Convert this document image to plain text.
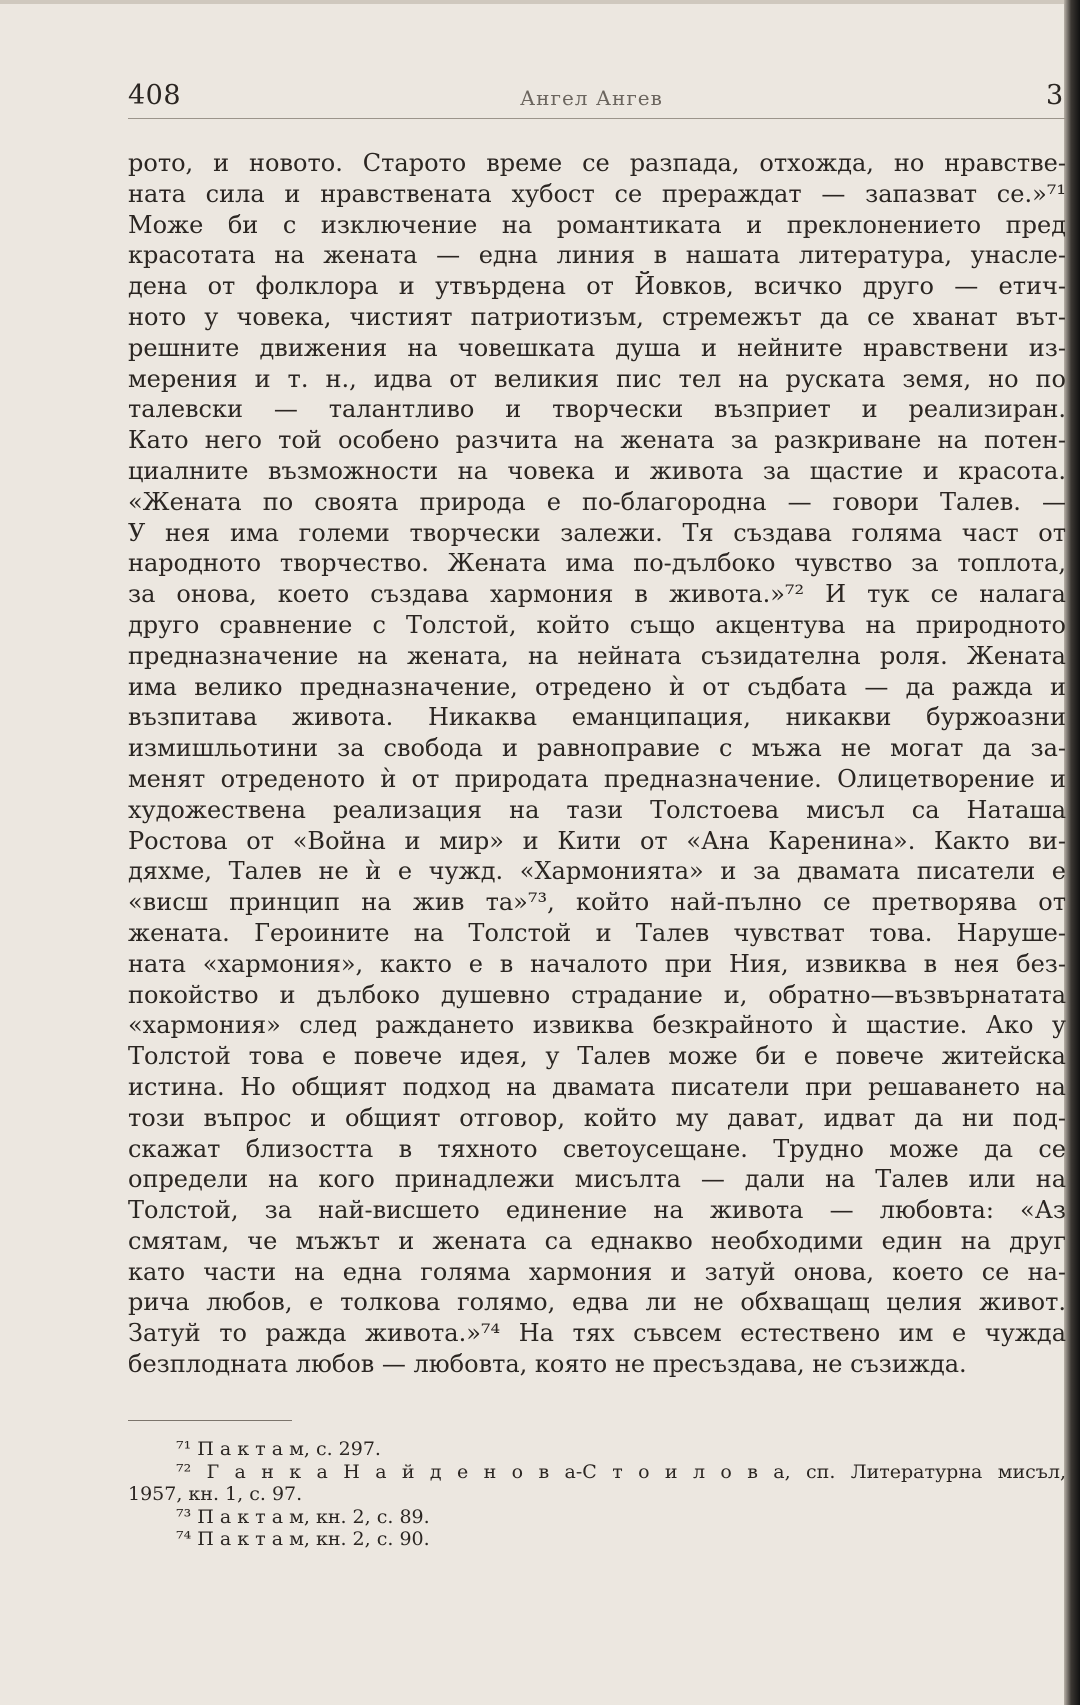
408	Ангел Ангев	3
рото, и новото. Старото време се разпада, отхожда, но нравстве-
ната сила и нравствената хубост се прераждат — запазват се.»⁷¹
Може би с изключение на романтиката и преклонението пред
красотата на жената — една линия в нашата литература, унасле-
дена от фолклора и утвърдена от Йовков, всичко друго — етич-
ното у човека, чистият патриотизъм, стремежът да се хванат вът-
решните движения на човешката душа и нейните нравствени из-
мерения и т. н., идва от великия пис тел на руската земя, но по
талевски — талантливо и творчески възприет и реализиран.
Като него той особено разчита на жената за разкриване на потен-
циалните възможности на човека и живота за щастие и красота.
«Жената по своята природа е по-благородна — говори Талев. —
У нея има големи творчески залежи. Тя създава голяма част от
народното творчество. Жената има по-дълбоко чувство за топлота,
за онова, което създава хармония в живота.»⁷² И тук се налага
друго сравнение с Толстой, който също акцентува на природното
предназначение на жената, на нейната съзидателна роля. Жената
има велико предназначение, отредено ѝ от съдбата — да ражда и
възпитава живота. Никаква еманципация, никакви буржоазни
измишльотини за свобода и равноправие с мъжа не могат да за-
менят отреденото ѝ от природата предназначение. Олицетворение и
художествена реализация на тази Толстоева мисъл са Наташа
Ростова от «Война и мир» и Кити от «Ана Каренина». Както ви-
дяхме, Талев не ѝ е чужд. «Хармонията» и за двамата писатели е
«висш принцип на жив та»⁷³, който най-пълно се претворява от
жената. Героините на Толстой и Талев чувстват това. Наруше-
ната «хармония», както е в началото при Ния, извиква в нея без-
покойство и дълбоко душевно страдание и, обратно—възвърнатата
«хармония» след раждането извиква безкрайното ѝ щастие. Ако у
Толстой това е повече идея, у Талев може би е повече житейска
истина. Но общият подход на двамата писатели при решаването на
този въпрос и общият отговор, който му дават, идват да ни под-
скажат близостта в тяхното светоусещане. Трудно може да се
определи на кого принадлежи мисълта — дали на Талев или на
Толстой, за най-висшето единение на живота — любовта: «Аз
смятам, че мъжът и жената са еднакво необходими един на друг
като части на една голяма хармония и затуй онова, което се на-
рича любов, е толкова голямо, едва ли не обхващащ целия живот.
Затуй то ражда живота.»⁷⁴ На тях съвсем естествено им е чужда
безплодната любов — любовта, която не пресъздава, не съзижда.
⁷¹ П а к т а м, с. 297.
⁷² Г а н к а Н а й д е н о в а-С т о и л о в а, сп. Литературна мисъл,
1957, кн. 1, с. 97.
⁷³ П а к т а м, кн. 2, с. 89.
⁷⁴ П а к т а м, кн. 2, с. 90.
